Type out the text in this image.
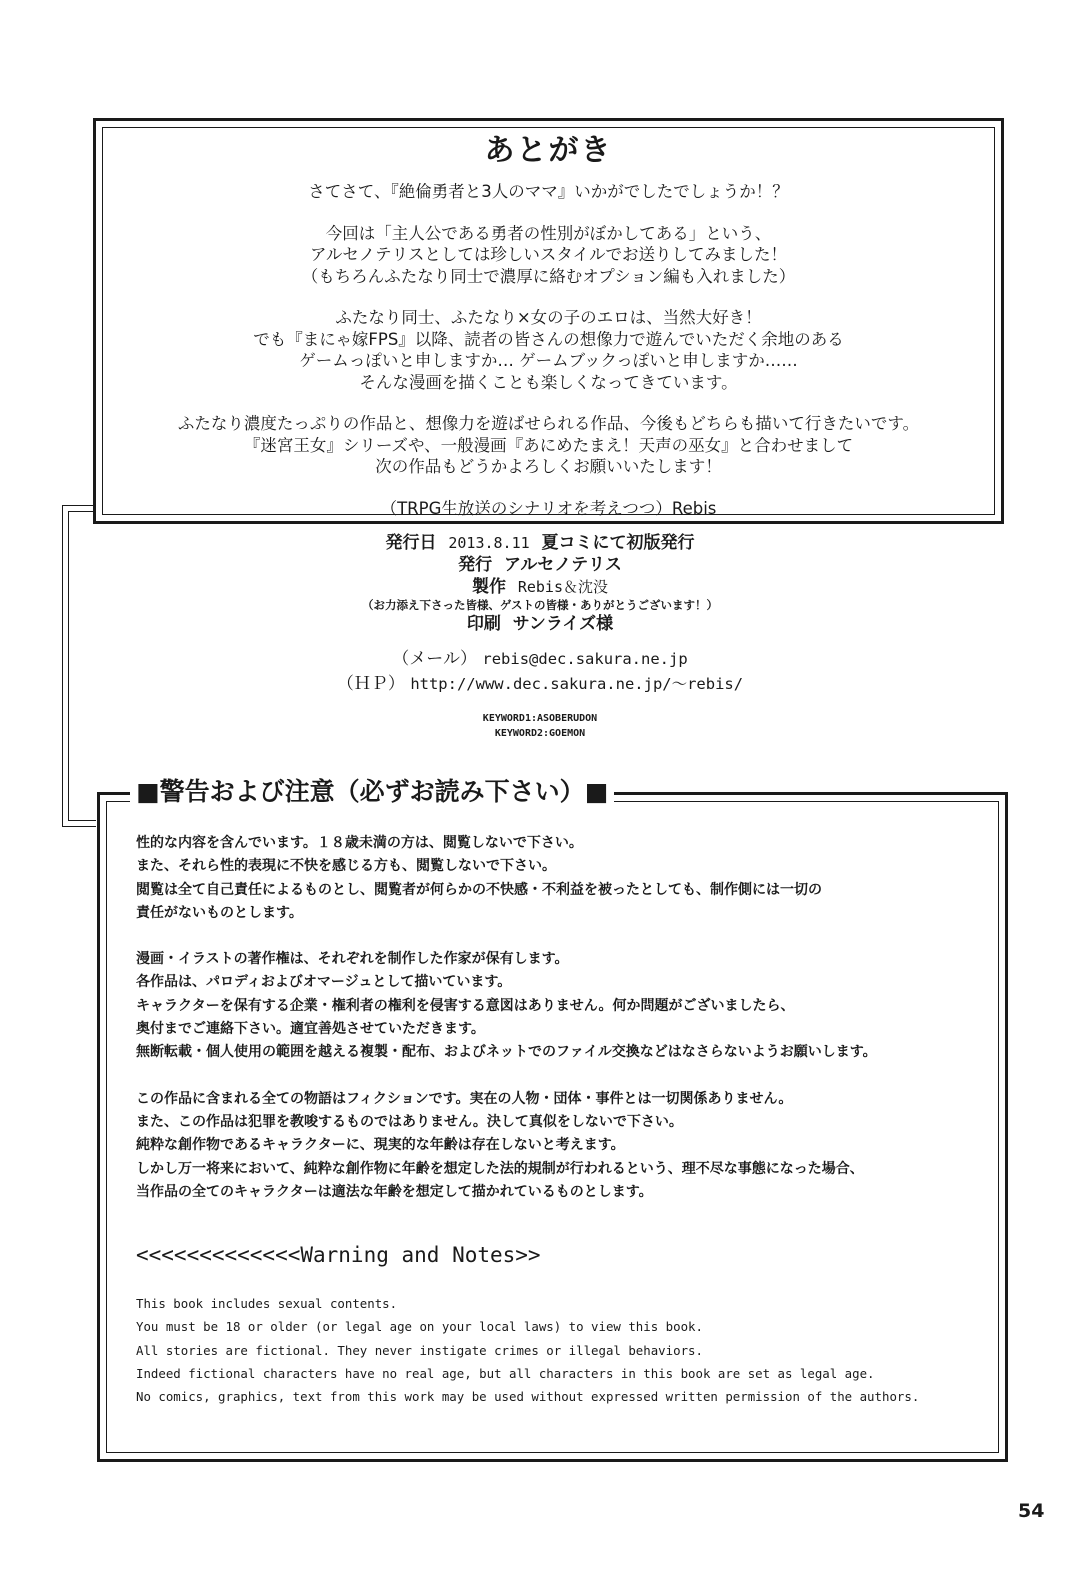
あとがき
さてさて、『絶倫勇者と3人のママ』いかがでしたでしょうか！？
今回は「主人公である勇者の性別がぼかしてある」という、
アルセノテリスとしては珍しいスタイルでお送りしてみました！
（もちろんふたなり同士で濃厚に絡むオプション編も入れました）
ふたなり同士、ふたなり×女の子のエロは、当然大好き！
でも『まにゃ嫁FPS』以降、読者の皆さんの想像力で遊んでいただく余地のある
ゲームっぽいと申しますか… ゲームブックっぽいと申しますか……
そんな漫画を描くことも楽しくなってきています。
ふたなり濃度たっぷりの作品と、想像力を遊ばせられる作品、今後もどちらも描いて行きたいです。
『迷宮王女』シリーズや、一般漫画『あにめたまえ！天声の巫女』と合わせまして
次の作品もどうかよろしくお願いいたします！
（TRPG生放送のシナリオを考えつつ）Rebis
発行日 2013.8.11 夏コミにて初版発行
発行 アルセノテリス
製作 Rebis＆沈没
（お力添え下さった皆様、ゲストの皆様・ありがとうございます！）
印刷 サンライズ様
（メール） rebis@dec.sakura.ne.jp
（ＨＰ） http://www.dec.sakura.ne.jp/～rebis/
KEYWORD1:ASOBERUDON
KEYWORD2:GOEMON
性的な内容を含んでいます。１８歳未満の方は、閲覧しないで下さい。
また、それら性的表現に不快を感じる方も、閲覧しないで下さい。
閲覧は全て自己責任によるものとし、閲覧者が何らかの不快感・不利益を被ったとしても、制作側には一切の
責任がないものとします。
漫画・イラストの著作権は、それぞれを制作した作家が保有します。
各作品は、パロディおよびオマージュとして描いています。
キャラクターを保有する企業・権利者の権利を侵害する意図はありません。何か問題がございましたら、
奥付までご連絡下さい。適宜善処させていただきます。
無断転載・個人使用の範囲を越える複製・配布、およびネットでのファイル交換などはなさらないようお願いします。
この作品に含まれる全ての物語はフィクションです。実在の人物・団体・事件とは一切関係ありません。
また、この作品は犯罪を教唆するものではありません。決して真似をしないで下さい。
純粋な創作物であるキャラクターに、現実的な年齢は存在しないと考えます。
しかし万一将来において、純粋な創作物に年齢を想定した法的規制が行われるという、理不尽な事態になった場合、
当作品の全てのキャラクターは適法な年齢を想定して描かれているものとします。
<<<<<<<<<<<<<Warning and Notes>>
This book includes sexual contents.
You must be 18 or older (or legal age on your local laws) to view this book.
All stories are fictional. They never instigate crimes or illegal behaviors.
Indeed fictional characters have no real age, but all characters in this book are set as legal age.
No comics, graphics, text from this work may be used without expressed written permission of the authors.
■警告および注意（必ずお読み下さい）■
54
